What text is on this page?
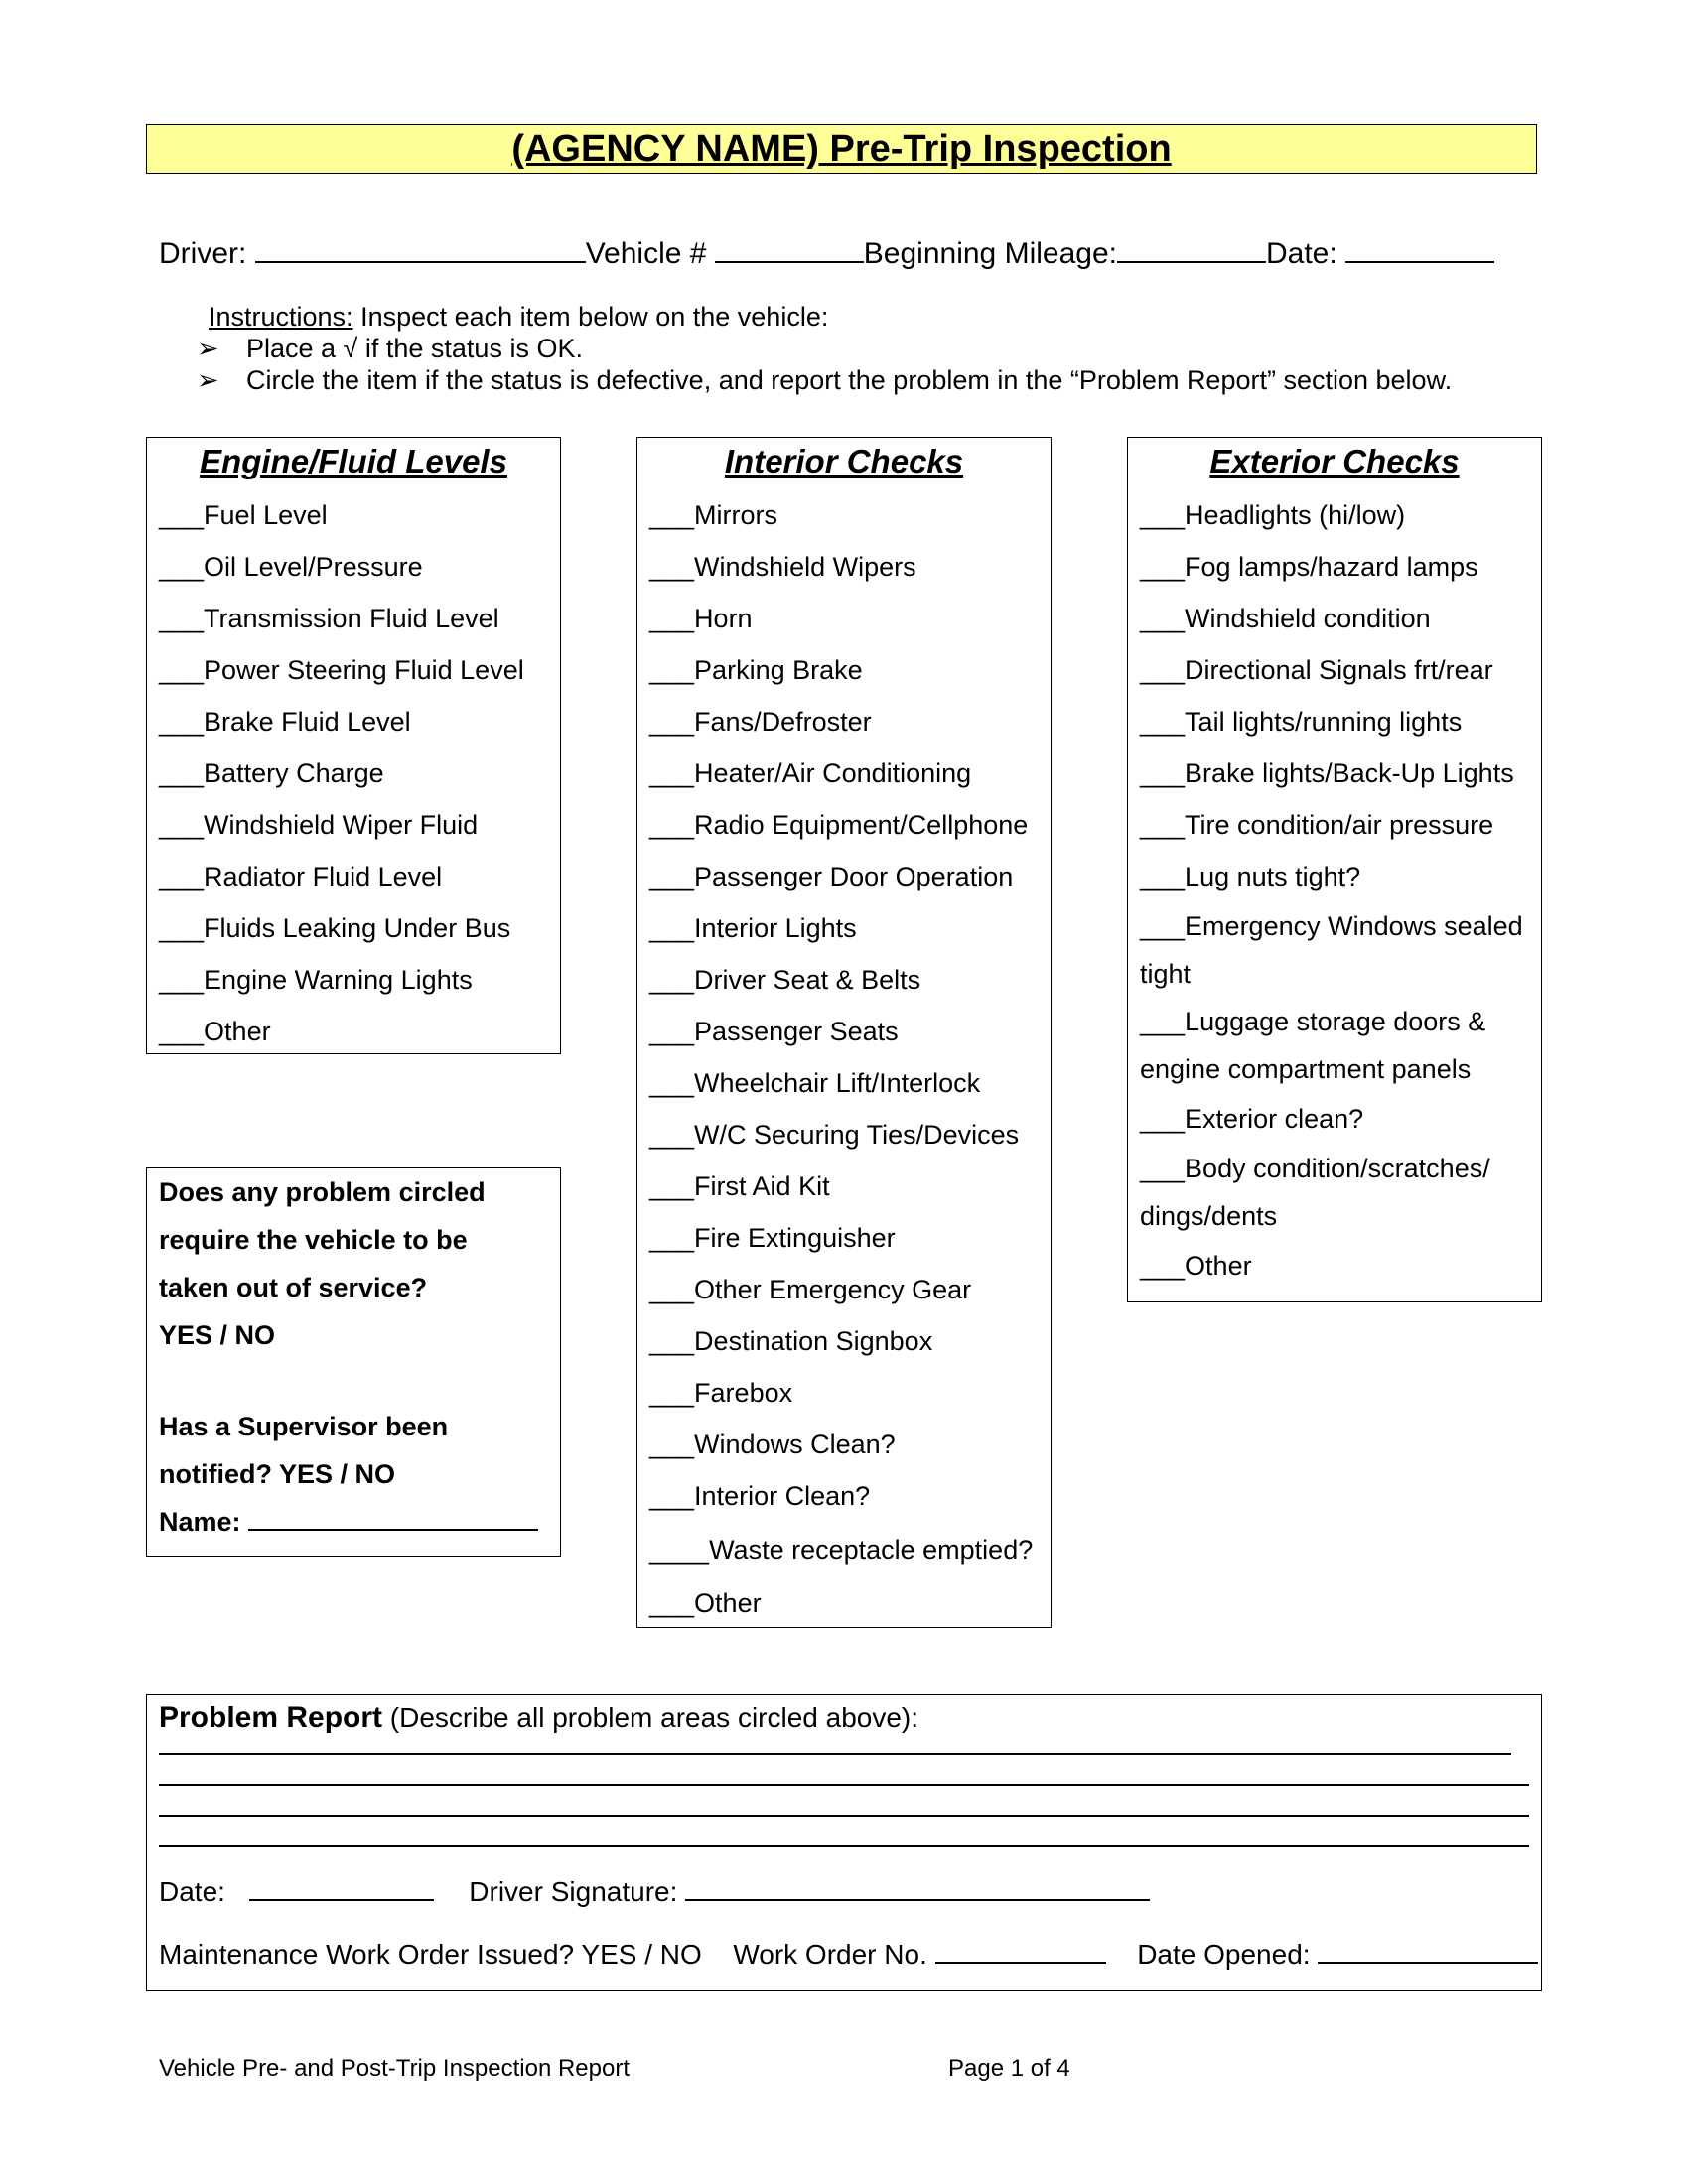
(AGENCY NAME) Pre-Trip Inspection
Driver:	Vehicle #	Beginning Mileage:	Date:
Instructions: Inspect each item below on the vehicle:
➢ Place a √ if the status is OK.
➢ Circle the item if the status is defective, and report the problem in the “Problem Report” section below.
Engine/Fluid Levels
___Fuel Level
___Oil Level/Pressure
___Transmission Fluid Level
___Power Steering Fluid Level
___Brake Fluid Level
___Battery Charge
___Windshield Wiper Fluid
___Radiator Fluid Level
___Fluids Leaking Under Bus
___Engine Warning Lights
___Other
Interior Checks
___Mirrors
___Windshield Wipers
___Horn
___Parking Brake
___Fans/Defroster
___Heater/Air Conditioning
___Radio Equipment/Cellphone
___Passenger Door Operation
___Interior Lights
___Driver Seat & Belts
___Passenger Seats
___Wheelchair Lift/Interlock
___W/C Securing Ties/Devices
___First Aid Kit
___Fire Extinguisher
___Other Emergency Gear
___Destination Signbox
___Farebox
___Windows Clean?
___Interior Clean?
____Waste receptacle emptied?
___Other
Exterior Checks
___Headlights (hi/low)
___Fog lamps/hazard lamps
___Windshield condition
___Directional Signals frt/rear
___Tail lights/running lights
___Brake lights/Back-Up Lights
___Tire condition/air pressure
___Lug nuts tight?
___Emergency Windows sealed tight
___Luggage storage doors & engine compartment panels
___Exterior clean?
___Body condition/scratches/ dings/dents
___Other
Does any problem circled
require the vehicle to be
taken out of service?
YES / NO
Has a Supervisor been
notified? YES / NO
Name:
Problem Report (Describe all problem areas circled above):
Date:	Driver Signature:
Maintenance Work Order Issued? YES / NO Work Order No.	Date Opened:
Vehicle Pre- and Post-Trip Inspection Report	Page 1 of 4
